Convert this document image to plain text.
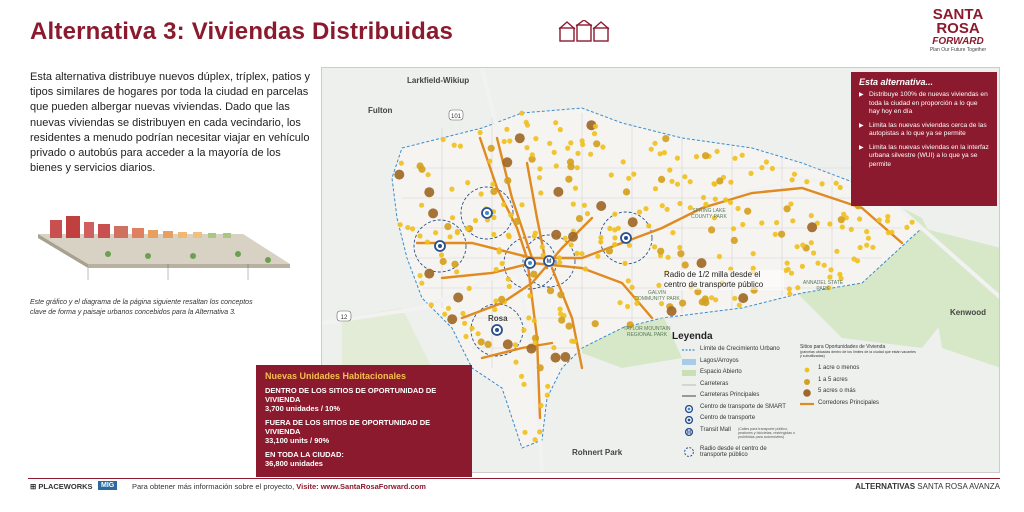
Alternativa 3: Viviendas Distribuidas
SANTA
ROSA
FORWARD
Plan Our Future Together

Esta alternativa distribuye nuevos dúplex, tríplex, patios y tipos similares de hogares por toda la ciudad en parcelas que pueden albergar nuevas viviendas. Dado que las nuevas viviendas se distribuyen en cada vecindario, los residentes a menudo podrían necesitar viajar en vehículo privado o autobús para acceder a la mayoría de los bienes y servicios diarios.

Este gráfico y el diagrama de la página siguiente resaltan los conceptos clave de forma y paisaje urbanos concebidos para la Alternativa 3.

M
101
12
Larkfield-Wikiup
Fulton
Kenwood
Rohnert Park
Rosa
SPRING LAKE COUNTY PARK
ANNADEL STATE PARK
TAYLOR MOUNTAIN REGIONAL PARK
GALVIN COMMUNITY PARK
Radio de 1/2 milla desde el centro de transporte público
Esta alternativa...
▶ Distribuye 100% de nuevas viviendas en toda la ciudad en proporción a lo que hay hoy en día
▶ Limita las nuevas viviendas cerca de las autopistas a lo que ya se permite
▶ Limita las nuevas viviendas en la interfaz urbana silvestre (WUI) a lo que ya se permite
Nuevas Unidades Habitacionales
DENTRO DE LOS SITIOS DE OPORTUNIDAD DE VIVIENDA
3,700 unidades / 10%
FUERA DE LOS SITIOS DE OPORTUNIDAD DE VIVIENDA
33,100 units / 90%
EN TODA LA CIUDAD:
36,800 unidades
Leyenda
Límite de Crecimiento Urbano
Lagos/Arroyos
Espacio Abierto
Carreteras
Carreteras Principales
Centro de transporte de SMART
Centro de transporte
M Transit Mall (Calles para transporte público, peatones y bicicletas, restringidas o prohibidas para automóviles)
Radio desde el centro de transporte público
Sitios para Oportunidades de Vivienda
(parcelas ubicadas dentro de los límites de la ciudad que están vacantes y subutilizadas)
1 acre o menos
1 a 5 acres
5 acres o más
Corredores Principales
⊞ PLACEWORKS	MIG	Para obtener más información sobre el proyecto, Visite: www.SantaRosaForward.com	ALTERNATIVAS SANTA ROSA AVANZA
